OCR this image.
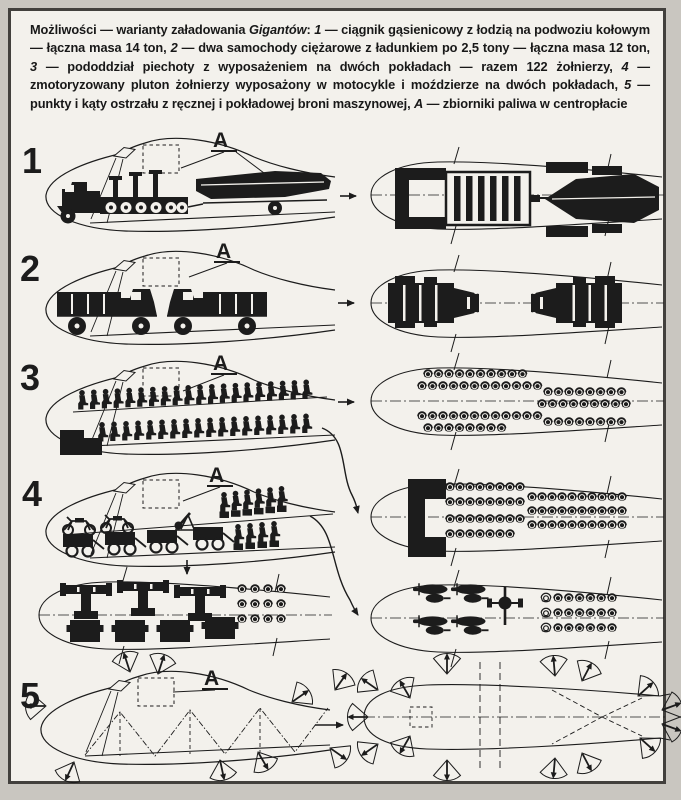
Możliwości — warianty załadowania Gigantów: 1 — ciągnik gąsienicowy z łodzią na podwoziu kołowym — łączna masa 14 ton, 2 — dwa samochody ciężarowe z ładunkiem po 2,5 tony — łączna masa 12 ton, 3 — pododdział piechoty z wyposażeniem na dwóch pokładach — razem 122 żołnierzy, 4 — zmotoryzowany pluton żołnierzy wyposażony w motocykle i moździerze na dwóch pokładach, 5 — punkty i kąty ostrzału z ręcznej i pokładowej broni maszynowej, A — zbiorniki paliwa w centropłacie
1
2
3
4
5
A
A
A
A
A
